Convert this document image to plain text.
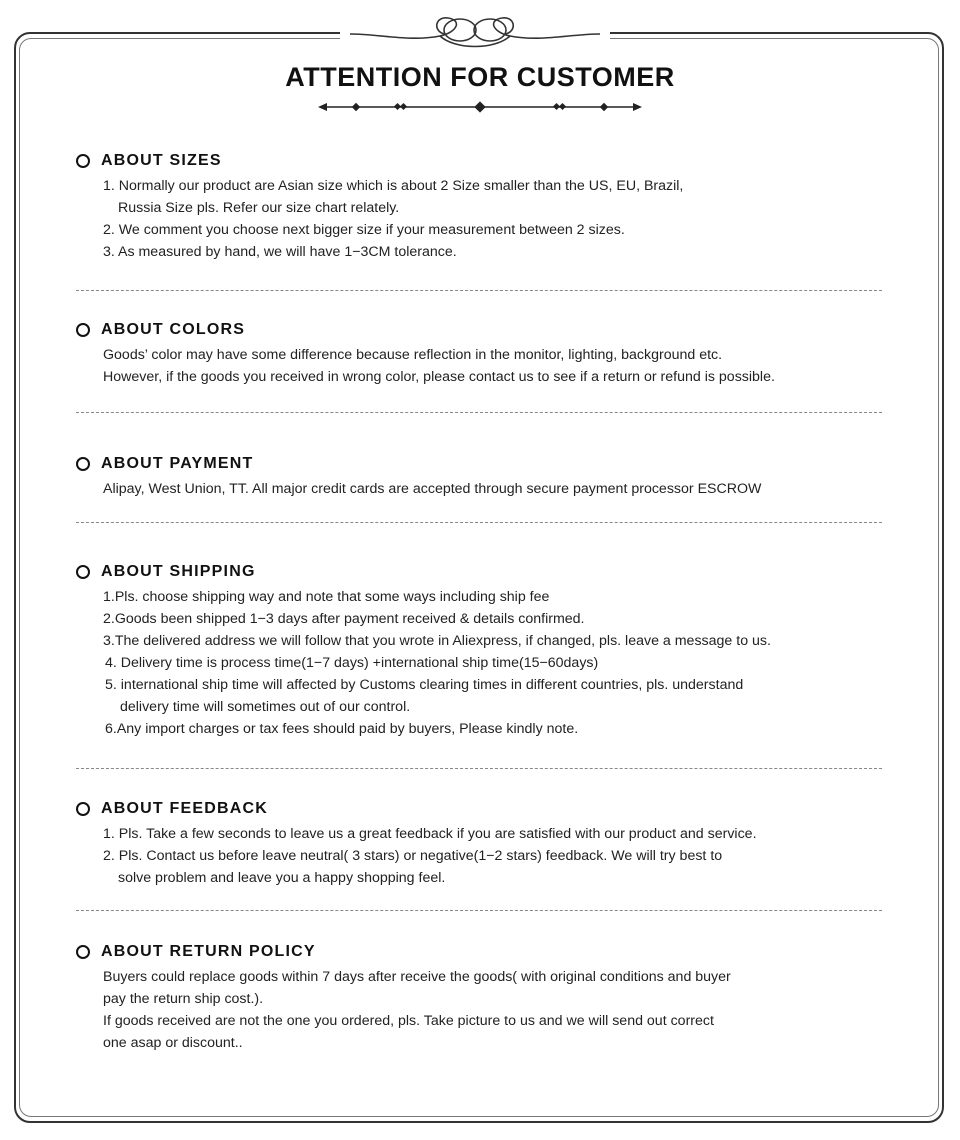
ATTENTION FOR CUSTOMER
ABOUT SIZES
1. Normally our product are Asian size which is about 2 Size smaller than the US, EU, Brazil,
Russia Size pls. Refer our size chart relately.
2. We comment you choose next bigger size if your measurement between 2 sizes.
3. As measured by hand, we will have 1−3CM tolerance.
ABOUT COLORS
Goods’ color may have some difference because reflection in the monitor, lighting, background etc.
However, if the goods you received in wrong color, please contact us to see if a return or refund is possible.
ABOUT PAYMENT
Alipay, West Union, TT. All major credit cards are accepted through secure payment processor ESCROW
ABOUT SHIPPING
1.Pls. choose shipping way and note that some ways including ship fee
2.Goods been shipped 1−3 days after payment received & details confirmed.
3.The delivered address we will follow that you wrote in Aliexpress, if changed, pls. leave a message to us.
4. Delivery time is process time(1−7 days) +international ship time(15−60days)
5. international ship time will affected by Customs clearing times in different countries, pls. understand
delivery time will sometimes out of our control.
6.Any import charges or tax fees should paid by buyers, Please kindly note.
ABOUT FEEDBACK
1. Pls. Take a few seconds to leave us a great feedback if you are satisfied with our product and service.
2. Pls. Contact us before leave neutral( 3 stars) or negative(1−2 stars) feedback. We will try best to
solve problem and leave you a happy shopping feel.
ABOUT RETURN POLICY
Buyers could replace goods within 7 days after receive the goods( with original conditions and buyer
pay the return ship cost.).
If goods received are not the one you ordered, pls. Take picture to us and we will send out correct
one asap or discount..
